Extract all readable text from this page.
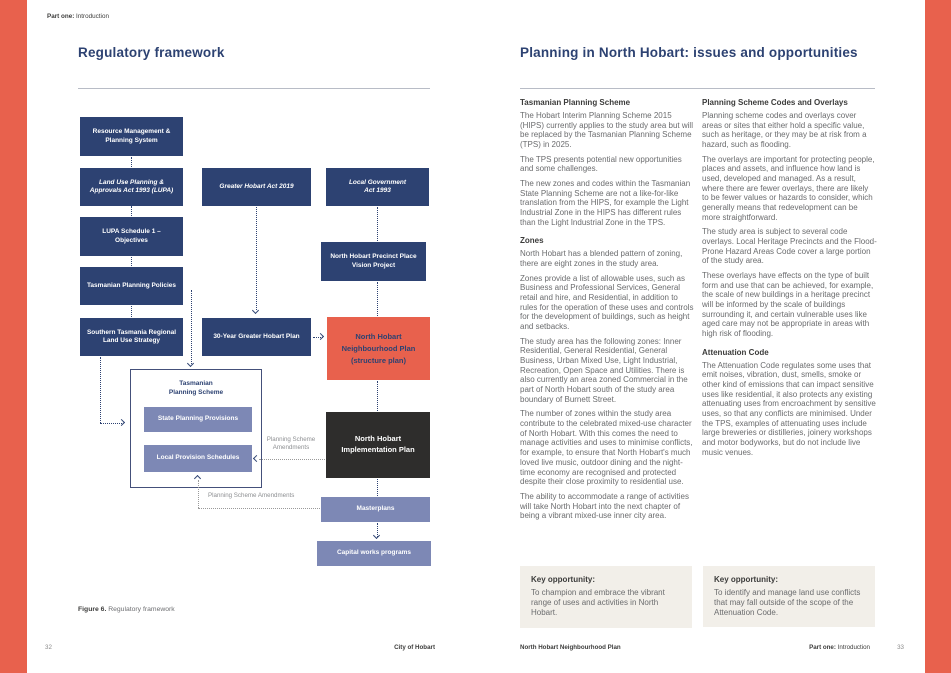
Part one: Introduction
Regulatory framework
Resource Management & Planning System
Land Use Planning & Approvals Act 1993 (LUPA)
LUPA Schedule 1 – Objectives
Tasmanian Planning Policies
Southern Tasmania Regional Land Use Strategy
Greater Hobart Act 2019
30-Year Greater Hobart Plan
Local Government Act 1993
North Hobart Precinct Place Vision Project
North Hobart Neighbourhood Plan (structure plan)
North Hobart Implementation Plan
Masterplans
Capital works programs
Tasmanian Planning Scheme
State Planning Provisions
Local Provision Schedules
Planning Scheme Amendments
Planning Scheme Amendments
Figure 6. Regulatory framework
32	City of Hobart
Planning in North Hobart: issues and opportunities
Tasmanian Planning Scheme

The Hobart Interim Planning Scheme 2015 (HIPS) currently applies to the study area but will be replaced by the Tasmanian Planning Scheme (TPS) in 2025.

The TPS presents potential new opportunities and some challenges.

The new zones and codes within the Tasmanian State Planning Scheme are not a like-for-like translation from the HIPS, for example the Light Industrial Zone in the HIPS has different rules than the Light Industrial Zone in the TPS.

Zones

North Hobart has a blended pattern of zoning, there are eight zones in the study area.

Zones provide a list of allowable uses, such as Business and Professional Services, General retail and hire, and Residential, in addition to rules for the operation of these uses and controls for the development of buildings, such as height and setbacks.

The study area has the following zones: Inner Residential, General Residential, General Business, Urban Mixed Use, Light Industrial, Recreation, Open Space and Utilities. There is also currently an area zoned Commercial in the part of North Hobart south of the study area boundary of Burnett Street.

The number of zones within the study area contribute to the celebrated mixed-use character of North Hobart. With this comes the need to manage activities and uses to minimise conflicts, for example, to ensure that North Hobart's much loved live music, outdoor dining and the night-time economy are recognised and protected despite their close proximity to residential use.

The ability to accommodate a range of activities will take North Hobart into the next chapter of being a vibrant mixed-use inner city area.

Planning Scheme Codes and Overlays

Planning scheme codes and overlays cover areas or sites that either hold a specific value, such as heritage, or they may be at risk from a hazard, such as flooding.

The overlays are important for protecting people, places and assets, and influence how land is used, developed and managed. As a result, where there are fewer overlays, there are likely to be fewer values or hazards to consider, which generally means that redevelopment can be more straightforward.

The study area is subject to several code overlays. Local Heritage Precincts and the Flood-Prone Hazard Areas Code cover a large portion of the study area.

These overlays have effects on the type of built form and use that can be achieved, for example, the scale of new buildings in a heritage precinct will be informed by the scale of buildings surrounding it, and certain vulnerable uses like aged care may not be appropriate in areas with high risk of flooding.

Attenuation Code

The Attenuation Code regulates some uses that emit noises, vibration, dust, smells, smoke or other kind of emissions that can impact sensitive uses like residential, it also protects any existing attenuating uses from encroachment by sensitive uses, so that any conflicts are minimised. Under the TPS, examples of attenuating uses include large breweries or distilleries, joinery workshops and motor bodyworks, but do not include live music venues.

Key opportunity:

To champion and embrace the vibrant range of uses and activities in North Hobart.

Key opportunity:

To identify and manage land use conflicts that may fall outside of the scope of the Attenuation Code.

North Hobart Neighbourhood Plan	Part one: Introduction	33
